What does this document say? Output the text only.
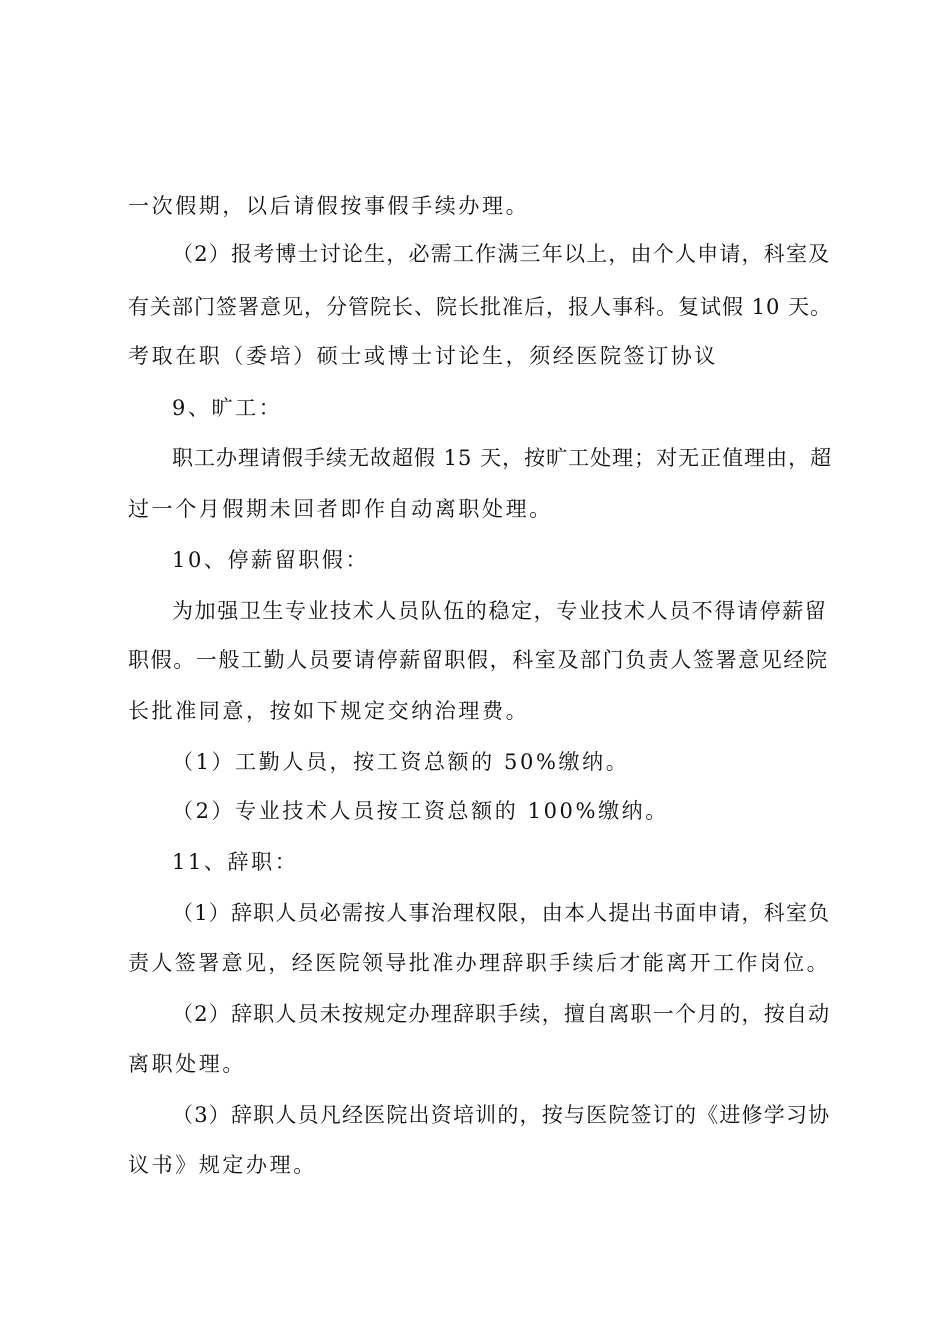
一次假期，以后请假按事假手续办理。
（2）报考博士讨论生，必需工作满三年以上，由个人申请，科室及
有关部门签署意见，分管院长、院长批准后，报人事科。复试假 10 天。
考取在职（委培）硕士或博士讨论生，须经医院签订协议
9、旷工：
职工办理请假手续无故超假 15 天，按旷工处理；对无正值理由，超
过一个月假期未回者即作自动离职处理。
10、停薪留职假：
为加强卫生专业技术人员队伍的稳定，专业技术人员不得请停薪留
职假。一般工勤人员要请停薪留职假，科室及部门负责人签署意见经院
长批准同意，按如下规定交纳治理费。
（1）工勤人员，按工资总额的 50%缴纳。
（2）专业技术人员按工资总额的 100%缴纳。
11、辞职：
（1）辞职人员必需按人事治理权限，由本人提出书面申请，科室负
责人签署意见，经医院领导批准办理辞职手续后才能离开工作岗位。
（2）辞职人员未按规定办理辞职手续，擅自离职一个月的，按自动
离职处理。
（3）辞职人员凡经医院出资培训的，按与医院签订的《进修学习协
议书》规定办理。
